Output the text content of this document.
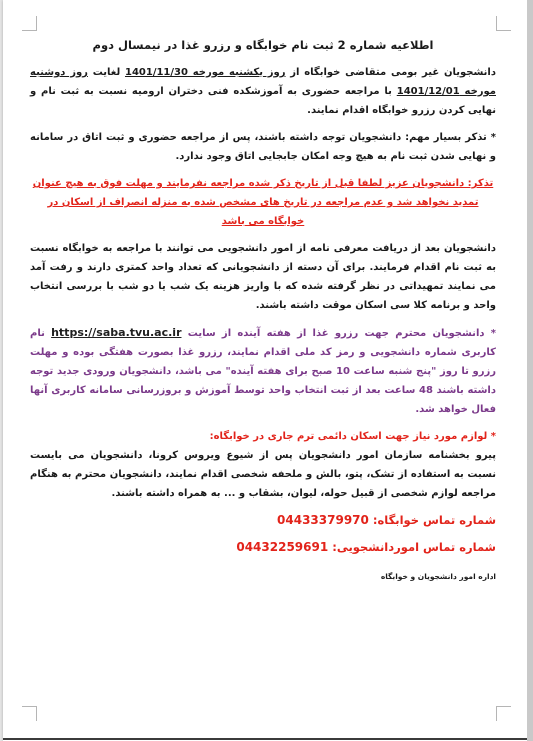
اطلاعیه شماره 2 ثبت نام خوابگاه و رزرو غذا در نیمسال دوم

دانشجویان غیر بومی متقاضی خوابگاه از روز یکشنبه مورخه 1401/11/30 لغایت روز دوشنبه مورخه 1401/12/01 با مراجعه حضوری به آموزشکده فنی دختران ارومیه نسبت به ثبت نام و نهایی کردن رزرو خوابگاه اقدام نمایند.

* تذکر بسیار مهم: دانشجویان توجه داشته باشند، پس از مراجعه حضوری و ثبت اتاق در سامانه و نهایی شدن ثبت نام به هیچ وجه امکان جابجایی اتاق وجود ندارد.

تذکر: دانشجویان عزیز لطفا قبل از تاریخ ذکر شده مراجعه نفرمایند و مهلت فوق به هیچ عنوان تمدید نخواهد شد و عدم مراجعه در تاریخ های مشخص شده به منزله انصراف از اسکان در خوابگاه می باشد

دانشجویان بعد از دریافت معرفی نامه از امور دانشجویی می توانند با مراجعه به خوابگاه نسبت به ثبت نام اقدام فرمایند. برای آن دسته از دانشجویانی که تعداد واحد کمتری دارند و رفت آمد می نمایند تمهیداتی در نظر گرفته شده که با واریز هزینه یک شب یا دو شب با بررسی انتخاب واحد و برنامه کلا سی اسکان موقت داشته باشند.

* دانشجویان محترم جهت رزرو غذا از هفته آینده از سایت https://saba.tvu.ac.ir نام کاربری شماره دانشجویی و رمز کد ملی اقدام نمایند، رزرو غذا بصورت هفتگی بوده و مهلت رزرو تا روز "پنج شنبه ساعت 10 صبح برای هفته آینده" می باشد، دانشجویان ورودی جدید توجه داشته باشند 48 ساعت بعد از ثبت انتخاب واحد توسط آموزش و بروزرسانی سامانه کاربری آنها فعال خواهد شد.

* لوازم مورد نیاز جهت اسکان دائمی ترم جاری در خوابگاه:

پیرو بخشنامه سازمان امور دانشجویان پس از شیوع ویروس کرونا، دانشجویان می بایست نسبت به استفاده از تشک، پتو، بالش و ملحفه شخصی اقدام نمایند، دانشجویان محترم به هنگام مراجعه لوازم شخصی از قبیل حوله، لیوان، بشقاب و ... به همراه داشته باشند.

شماره تماس خوابگاه: 04433379970

شماره تماس اموردانشجویی: 04432259691

اداره امور دانشجویان و خوابگاه
